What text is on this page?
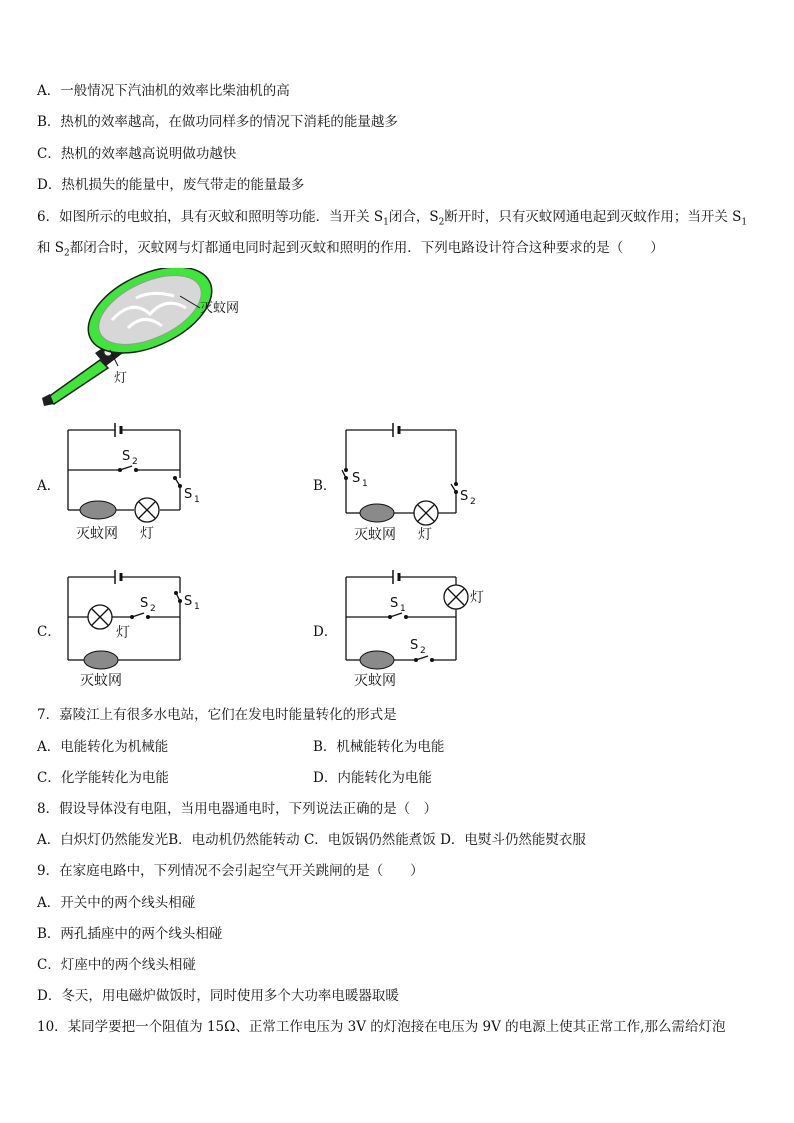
A．一般情况下汽油机的效率比柴油机的高
B．热机的效率越高，在做功同样多的情况下消耗的能量越多
C．热机的效率越高说明做功越快
D．热机损失的能量中，废气带走的能量最多
6．如图所示的电蚊拍，具有灭蚊和照明等功能．当开关 $S_1$闭合，$S_2$断开时，只有灭蚊网通电起到灭蚊作用；当开关 $S_1$
和 $S_2$都闭合时，灭蚊网与灯都通电同时起到灭蚊和照明的作用．下列电路设计符合这种要求的是（　　）
灭蚊网
灯
A．	B．
C．	D．
S 2
S 1
灭蚊网 灯
S 1
S 2
灭蚊网 灯
S 2 S 1
灯
灭蚊网
S 1
S 2
灯
灭蚊网
7．嘉陵江上有很多水电站，它们在发电时能量转化的形式是
A．电能转化为机械能	B．机械能转化为电能
C．化学能转化为电能	D．内能转化为电能
8．假设导体没有电阻，当用电器通电时，下列说法正确的是（　）
A．白炽灯仍然能发光B．电动机仍然能转动 C．电饭锅仍然能煮饭 D．电熨斗仍然能熨衣服
9．在家庭电路中，下列情况不会引起空气开关跳闸的是（　　）
A．开关中的两个线头相碰
B．两孔插座中的两个线头相碰
C．灯座中的两个线头相碰
D．冬天，用电磁炉做饭时，同时使用多个大功率电暖器取暖
10．某同学要把一个阻值为 15Ω、正常工作电压为 3V 的灯泡接在电压为 9V 的电源上使其正常工作,那么需给灯泡
